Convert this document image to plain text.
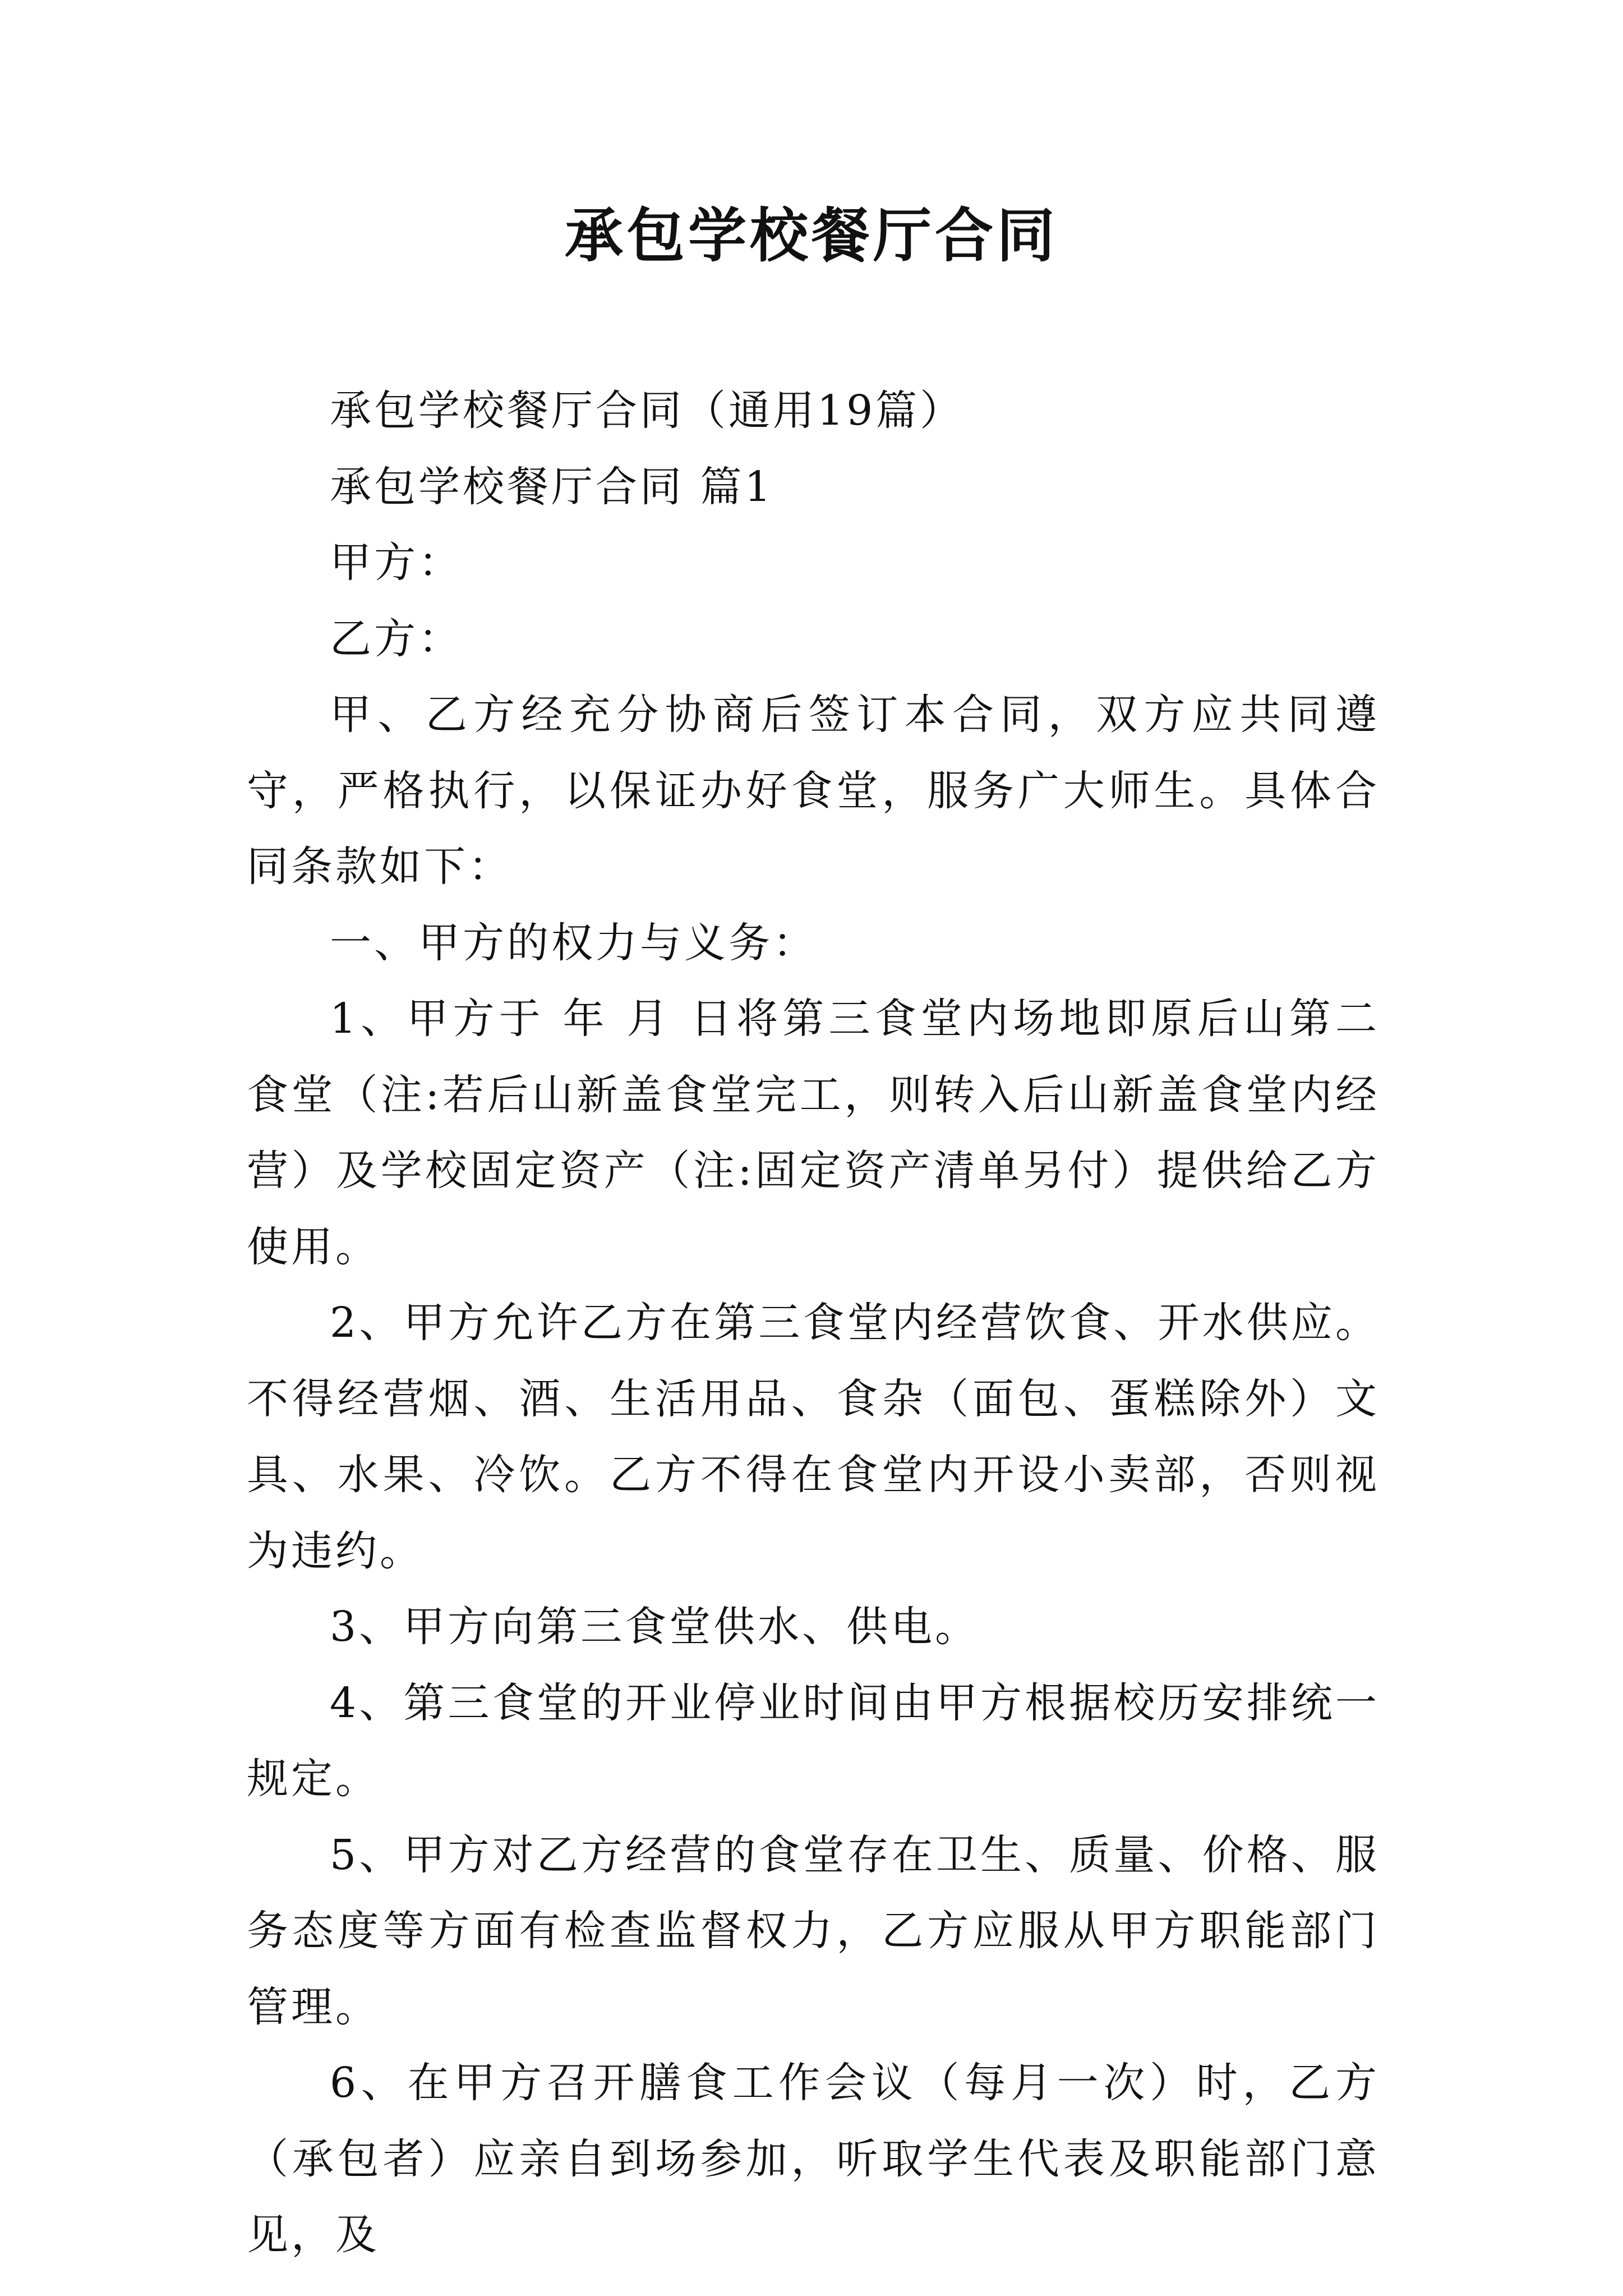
承包学校餐厅合同

承包学校餐厅合同（通用19篇）

承包学校餐厅合同 篇1

甲方：

乙方：

甲、乙方经充分协商后签订本合同，双方应共同遵守，严格执行，以保证办好食堂，服务广大师生。具体合同条款如下：

一、甲方的权力与义务：

1、甲方于 年 月 日将第三食堂内场地即原后山第二食堂（注:若后山新盖食堂完工，则转入后山新盖食堂内经营）及学校固定资产（注:固定资产清单另付）提供给乙方使用。

2、甲方允许乙方在第三食堂内经营饮食、开水供应。不得经营烟、酒、生活用品、食杂（面包、蛋糕除外）文具、水果、冷饮。乙方不得在食堂内开设小卖部，否则视为违约。

3、甲方向第三食堂供水、供电。

4、第三食堂的开业停业时间由甲方根据校历安排统一规定。

5、甲方对乙方经营的食堂存在卫生、质量、价格、服务态度等方面有检查监督权力，乙方应服从甲方职能部门管理。

6、在甲方召开膳食工作会议（每月一次）时，乙方（承包者）应亲自到场参加，听取学生代表及职能部门意见，及
